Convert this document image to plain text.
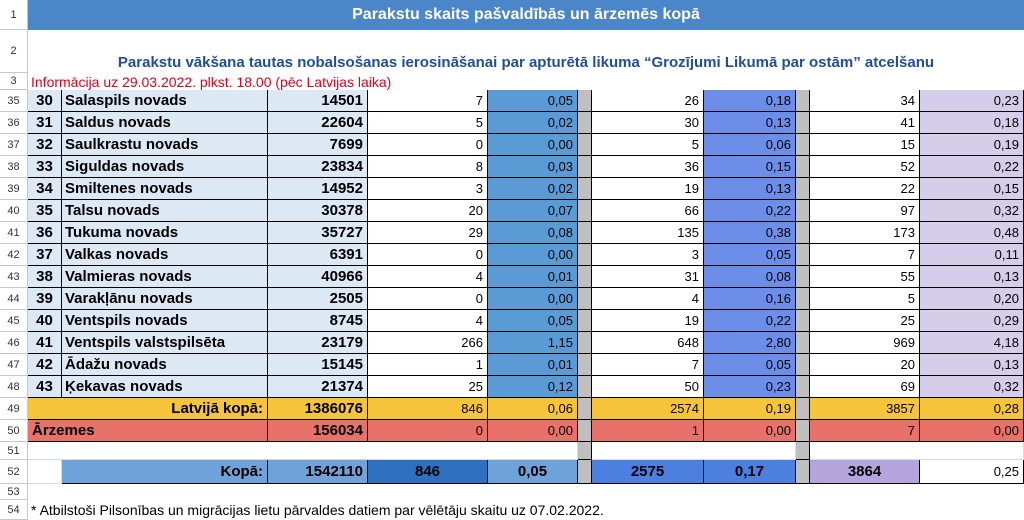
1	Parakstu skaits pašvaldībās un ārzemēs kopā
2
Parakstu vākšana tautas nobalsošanas ierosināšanai par apturētā likuma “Grozījumi Likumā par ostām” atcelšanu
3	Informācija uz 29.03.2022. plkst. 18.00 (pēc Latvijas laika)
35	30 Salaspils novads	14501	7	0,05	26	0,18	34	0,23
36	31 Saldus novads	22604	5	0,02	30	0,13	41	0,18
37	32 Saulkrastu novads	7699	0	0,00	5	0,06	15	0,19
38	33 Siguldas novads	23834	8	0,03	36	0,15	52	0,22
39	34 Smiltenes novads	14952	3	0,02	19	0,13	22	0,15
40	35 Talsu novads	30378	20	0,07	66	0,22	97	0,32
41	36 Tukuma novads	35727	29	0,08	135	0,38	173	0,48
42	37 Valkas novads	6391	0	0,00	3	0,05	7	0,11
43	38 Valmieras novads	40966	4	0,01	31	0,08	55	0,13
44	39 Varakļānu novads	2505	0	0,00	4	0,16	5	0,20
45	40 Ventspils novads	8745	4	0,05	19	0,22	25	0,29
46	41 Ventspils valstspilsēta	23179	266	1,15	648	2,80	969	4,18
47	42 Ādažu novads	15145	1	0,01	7	0,05	20	0,13
48	43 Ķekavas novads	21374	25	0,12	50	0,23	69	0,32
49	Latvijā kopā:	1386076	846	0,06	2574	0,19	3857	0,28
50 Ārzemes	156034	0	0,00	1	0,00	7	0,00
51
52	Kopā:	1542110	846	0,05	2575	0,17	3864	0,25
53
54 * Atbilstoši Pilsonības un migrācijas lietu pārvaldes datiem par vēlētāju skaitu uz 07.02.2022.
